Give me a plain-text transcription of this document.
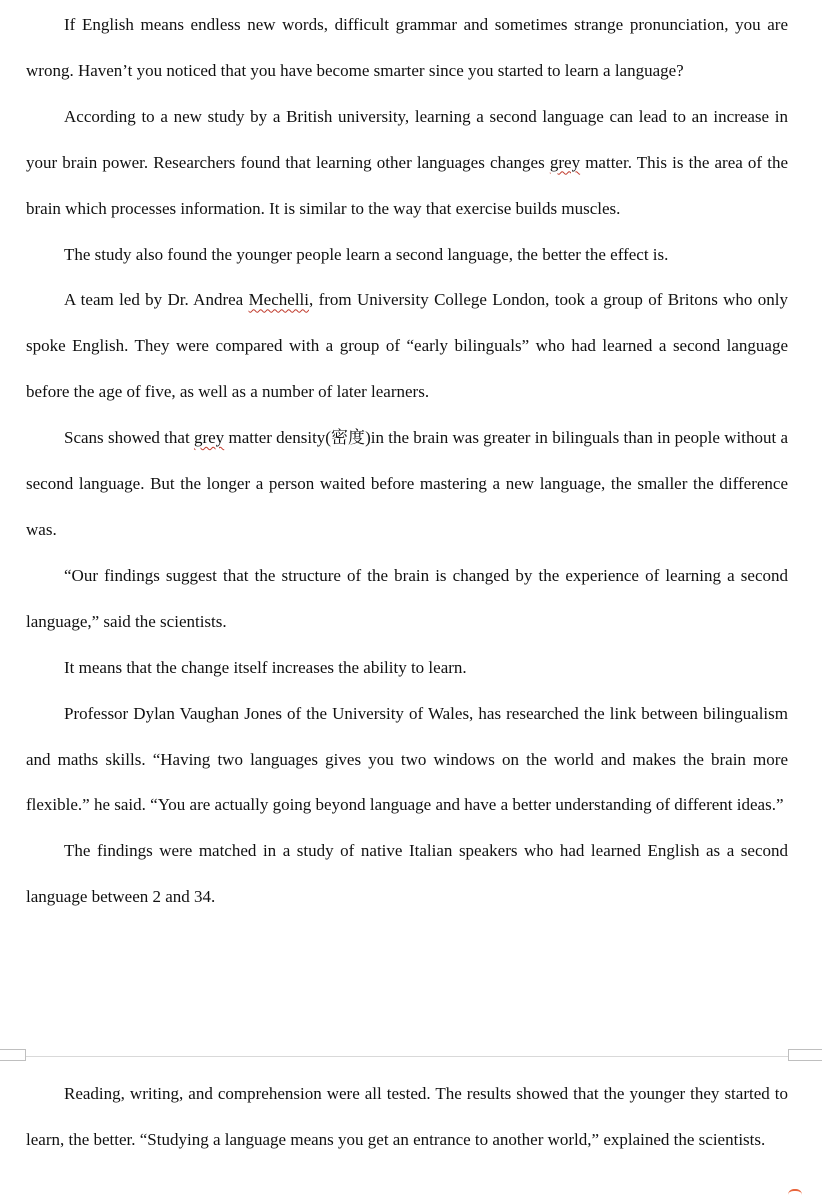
If English means endless new words, difficult grammar and sometimes strange pronunciation, you are wrong. Haven’t you noticed that you have become smarter since you started to learn a language?

According to a new study by a British university, learning a second language can lead to an increase in your brain power. Researchers found that learning other languages changes grey matter. This is the area of the brain which processes information. It is similar to the way that exercise builds muscles.

The study also found the younger people learn a second language, the better the effect is.

A team led by Dr. Andrea Mechelli, from University College London, took a group of Britons who only spoke English. They were compared with a group of “early bilinguals” who had learned a second language before the age of five, as well as a number of later learners.

Scans showed that grey matter density(密度)in the brain was greater in bilinguals than in people without a second language. But the longer a person waited before mastering a new language, the smaller the difference was.

“Our findings suggest that the structure of the brain is changed by the experience of learning a second language,” said the scientists.

It means that the change itself increases the ability to learn.

Professor Dylan Vaughan Jones of the University of Wales, has researched the link between bilingualism and maths skills. “Having two languages gives you two windows on the world and makes the brain more flexible.” he said. “You are actually going beyond language and have a better understanding of different ideas.”

The findings were matched in a study of native Italian speakers who had learned English as a second language between 2 and 34.

Reading, writing, and comprehension were all tested. The results showed that the younger they started to learn, the better. “Studying a language means you get an entrance to another world,” explained the scientists.
